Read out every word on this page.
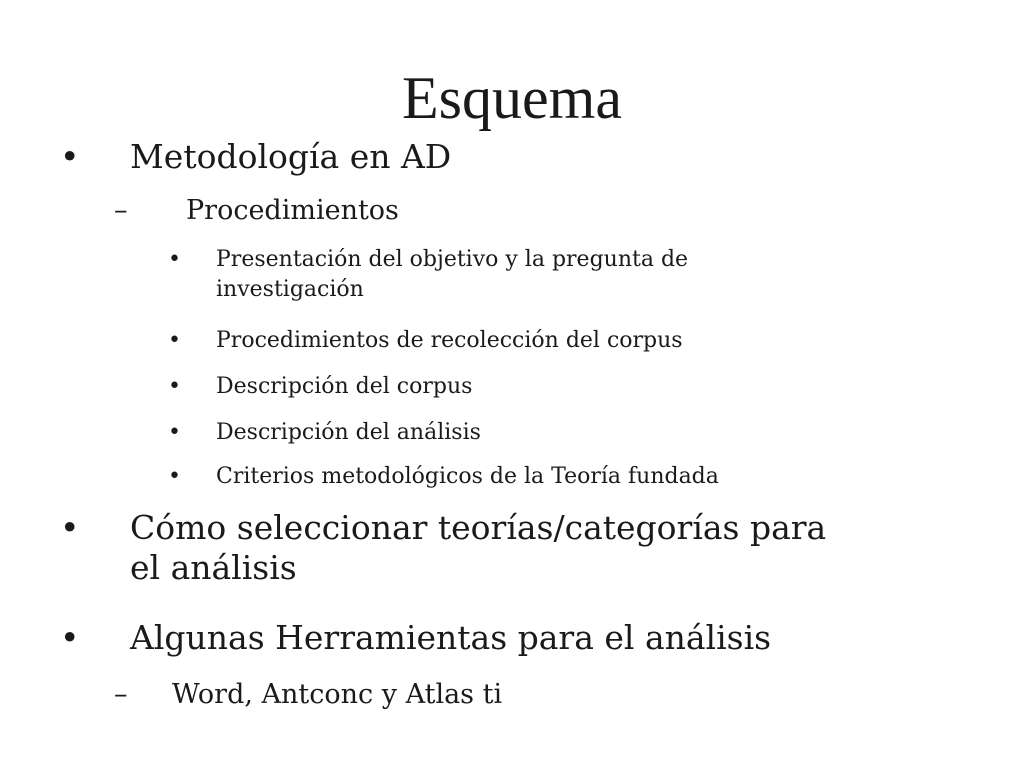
Esquema
• Metodología en AD
– Procedimientos
• Presentación del objetivo y la pregunta de
investigación
• Procedimientos de recolección del corpus
• Descripción del corpus
• Descripción del análisis
• Criterios metodológicos de la Teoría fundada
• Cómo seleccionar teorías/categorías para
el análisis
• Algunas Herramientas para el análisis
– Word, Antconc y Atlas ti
